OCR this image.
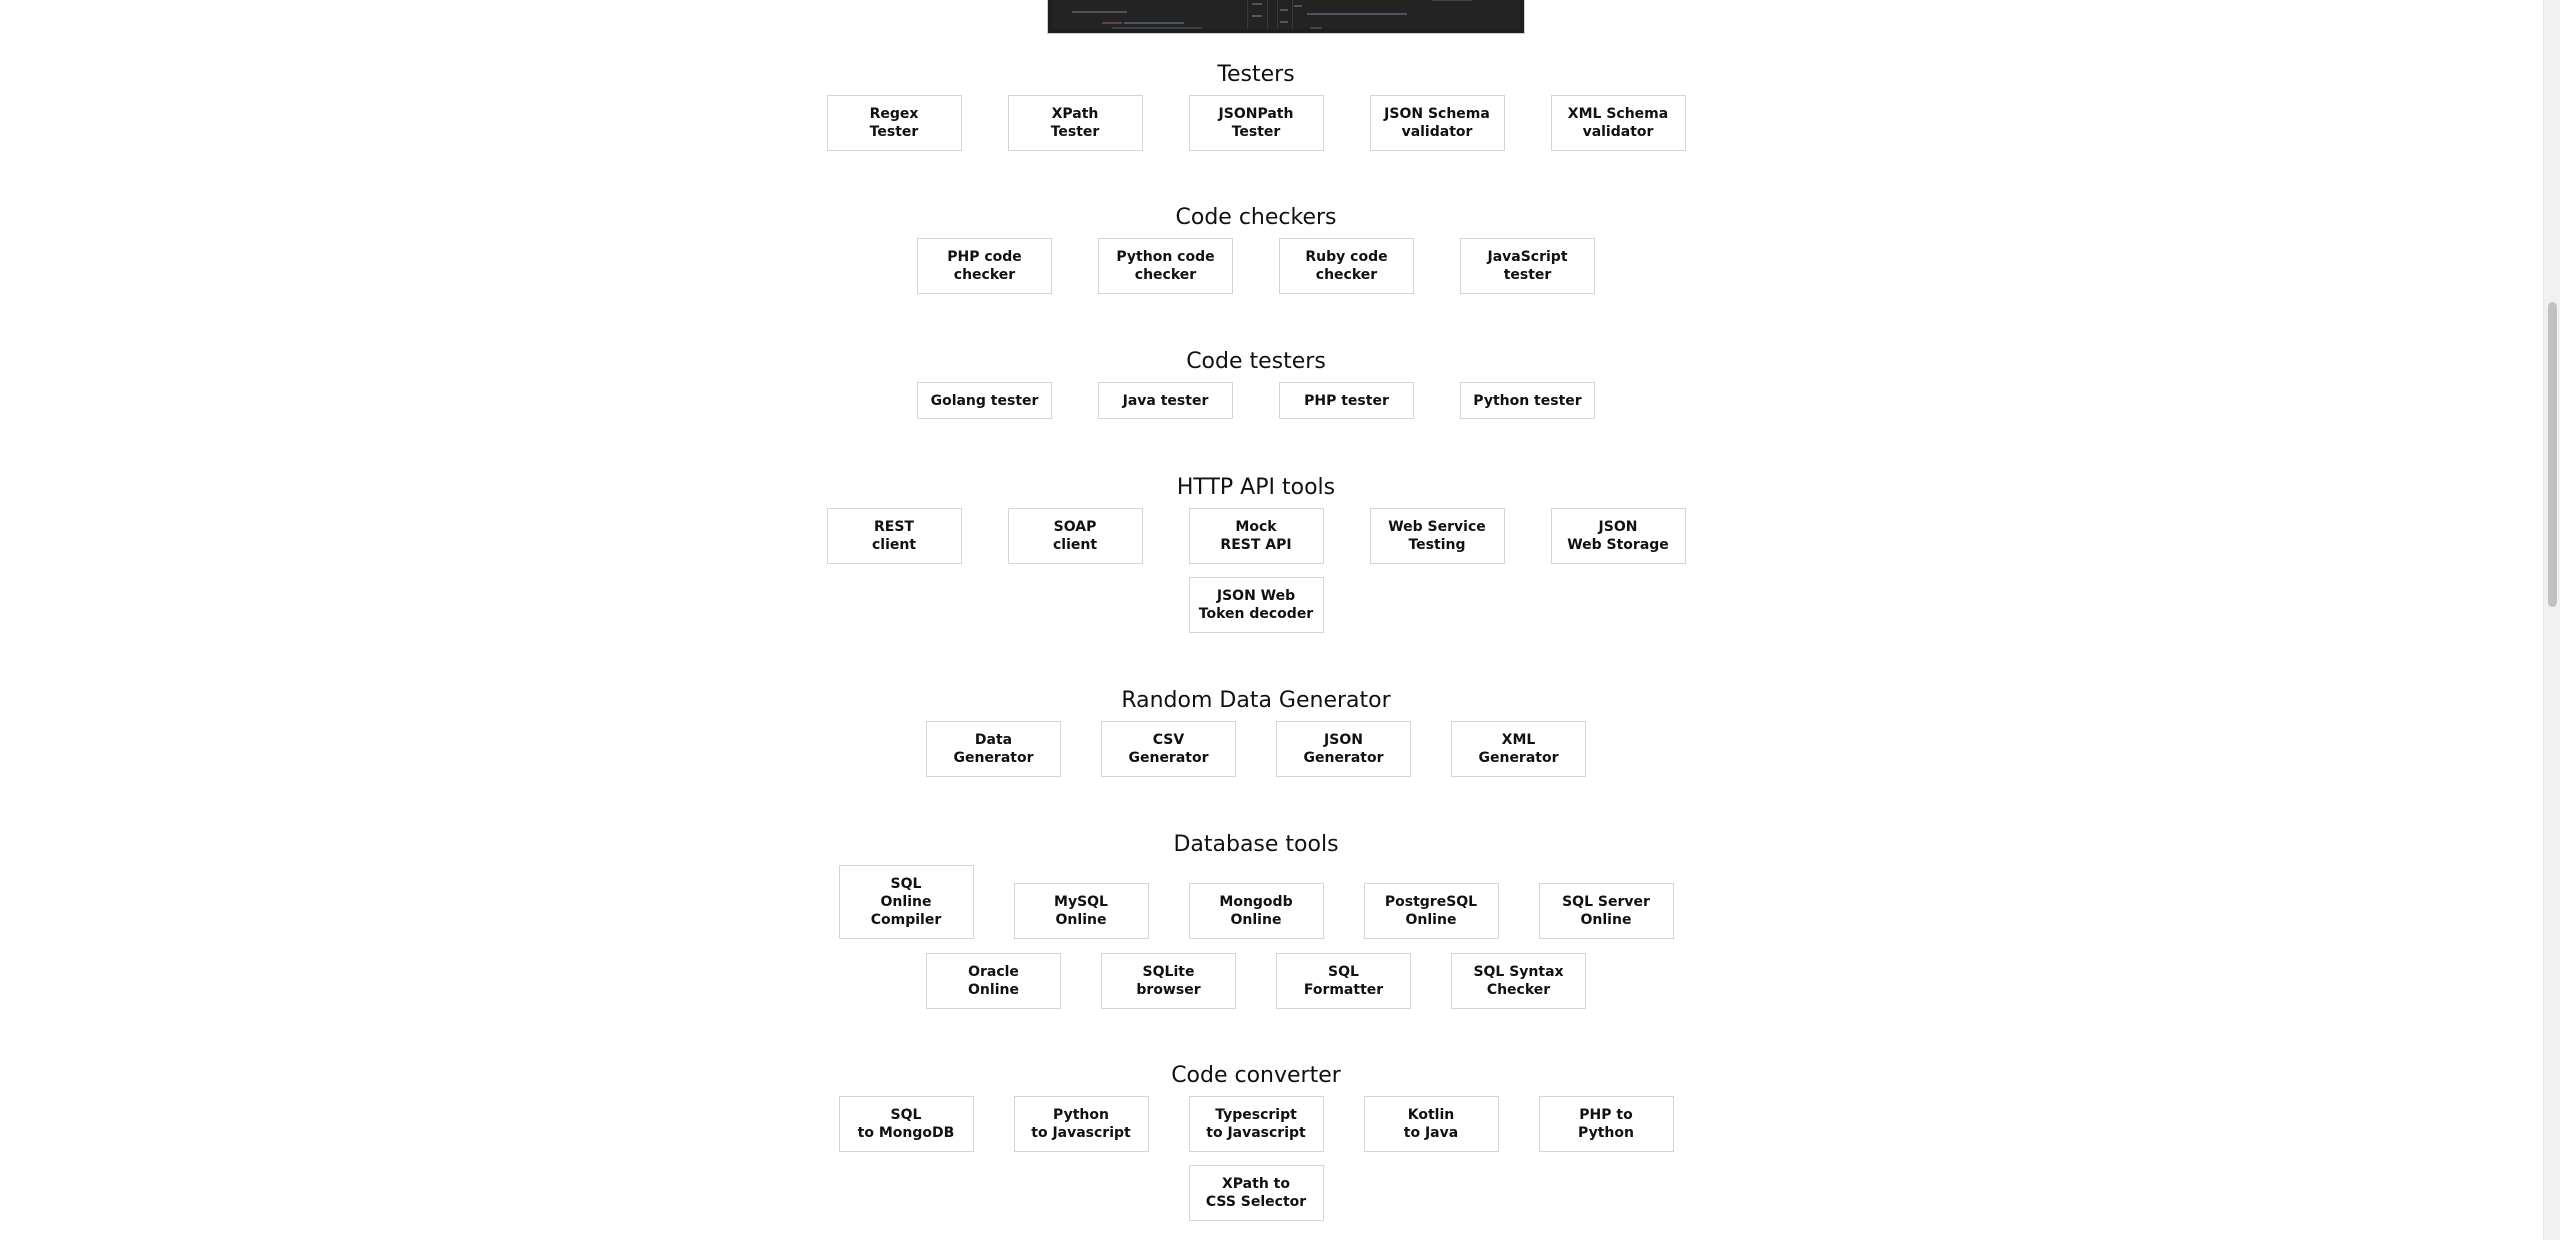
Testers
Regex
Tester
XPath
Tester
JSONPath
Tester
JSON Schema
validator
XML Schema
validator
Code checkers
PHP code
checker
Python code
checker
Ruby code
checker
JavaScript
tester
Code testers
Golang tester	Java tester	PHP tester	Python tester
HTTP API tools
REST
client
SOAP
client
Mock
REST API
Web Service
Testing
JSON
Web Storage
JSON Web
Token decoder
Random Data Generator
Data
Generator
CSV
Generator
JSON
Generator
XML
Generator
Database tools
SQL
Online
Compiler
MySQL
Online
Mongodb
Online
PostgreSQL
Online
SQL Server
Online
Oracle
Online
SQLite
browser
SQL
Formatter
SQL Syntax
Checker
Code converter
SQL
to MongoDB
Python
to Javascript
Typescript
to Javascript
Kotlin
to Java
PHP to
Python
XPath to
CSS Selector
